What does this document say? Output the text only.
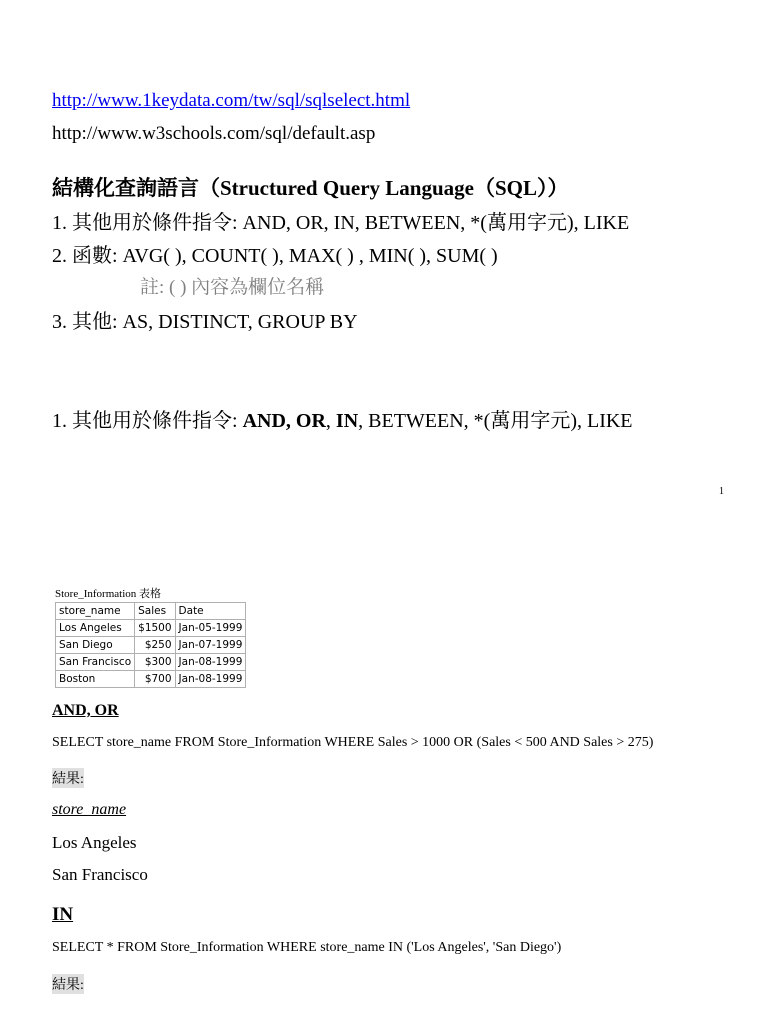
http://www.1keydata.com/tw/sql/sqlselect.html
http://www.w3schools.com/sql/default.asp
結構化查詢語言（Structured Query Language（SQL））
1. 其他用於條件指令: AND, OR, IN, BETWEEN, *(萬用字元), LIKE
2. 函數: AVG( ), COUNT( ), MAX( ) , MIN( ), SUM( )
註: ( ) 內容為欄位名稱
3. 其他: AS, DISTINCT, GROUP BY
1. 其他用於條件指令: AND, OR, IN, BETWEEN, *(萬用字元), LIKE
1
Store_Information 表格
store_name	Sales	Date
Los Angeles	$1500	Jan-05-1999
San Diego	$250	Jan-07-1999
San Francisco	$300	Jan-08-1999
Boston	$700	Jan-08-1999
AND, OR
SELECT store_name FROM Store_Information WHERE Sales > 1000 OR (Sales < 500 AND Sales > 275)
結果:
store_name
Los Angeles
San Francisco
IN
SELECT * FROM Store_Information WHERE store_name IN ('Los Angeles', 'San Diego')
結果:
